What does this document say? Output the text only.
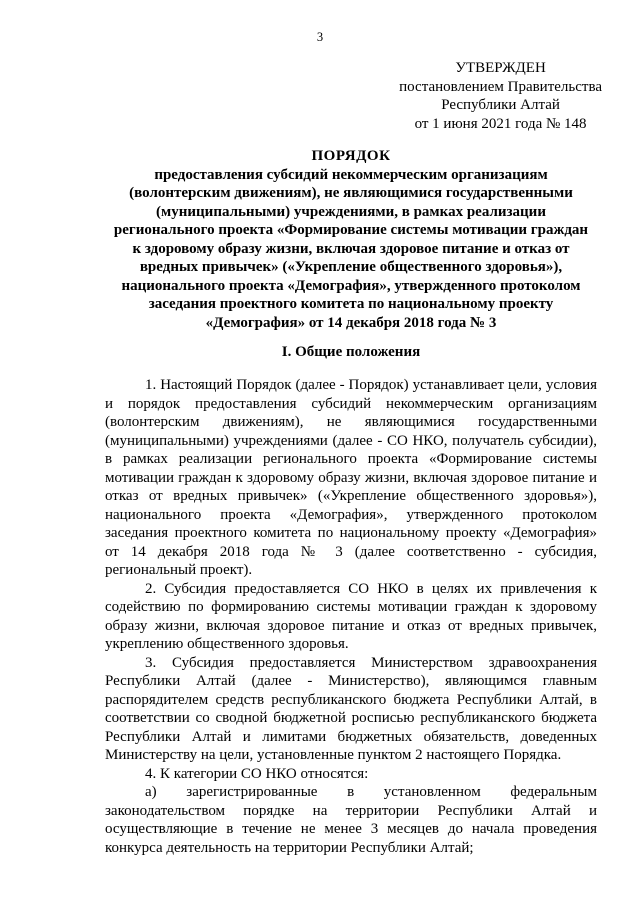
3
УТВЕРЖДЕН
постановлением Правительства
Республики Алтай
от 1 июня 2021 года № 148
ПОРЯДОК
предоставления субсидий некоммерческим организациям
(волонтерским движениям), не являющимися государственными
(муниципальными) учреждениями, в рамках реализации
регионального проекта «Формирование системы мотивации граждан
к здоровому образу жизни, включая здоровое питание и отказ от
вредных привычек» («Укрепление общественного здоровья»),
национального проекта «Демография», утвержденного протоколом
заседания проектного комитета по национальному проекту
«Демография» от 14 декабря 2018 года № 3
I. Общие положения

1. Настоящий Порядок (далее - Порядок) устанавливает цели, условия и порядок предоставления субсидий некоммерческим организациям (волонтерским движениям), не являющимися государственными (муниципальными) учреждениями (далее - СО НКО, получатель субсидии), в рамках реализации регионального проекта «Формирование системы мотивации граждан к здоровому образу жизни, включая здоровое питание и отказ от вредных привычек» («Укрепление общественного здоровья»), национального проекта «Демография», утвержденного протоколом заседания проектного комитета по национальному проекту «Демография» от 14 декабря 2018 года № 3 (далее соответственно - субсидия, региональный проект).

2. Субсидия предоставляется СО НКО в целях их привлечения к содействию по формированию системы мотивации граждан к здоровому образу жизни, включая здоровое питание и отказ от вредных привычек, укреплению общественного здоровья.

3. Субсидия предоставляется Министерством здравоохранения Республики Алтай (далее - Министерство), являющимся главным распорядителем средств республиканского бюджета Республики Алтай, в соответствии со сводной бюджетной росписью республиканского бюджета Республики Алтай и лимитами бюджетных обязательств, доведенных Министерству на цели, установленные пунктом 2 настоящего Порядка.

4. К категории СО НКО относятся:

а) зарегистрированные в установленном федеральным законодательством порядке на территории Республики Алтай и осуществляющие в течение не менее 3 месяцев до начала проведения конкурса деятельность на территории Республики Алтай;
